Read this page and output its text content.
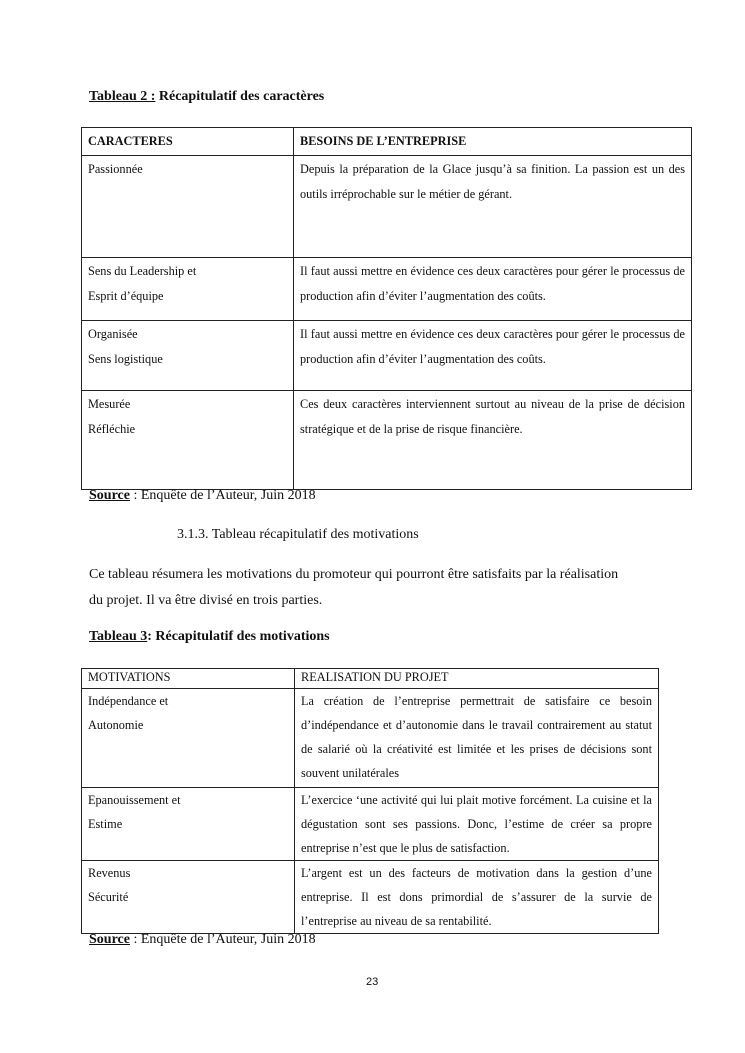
Tableau 2 : Récapitulatif des caractères
CARACTERES	BESOINS DE L’ENTREPRISE

Passionnée	Depuis la préparation de la Glace jusqu’à sa finition. La passion est un des outils irréprochable sur le métier de gérant.

Sens du Leadership et
Esprit d’équipe	Il faut aussi mettre en évidence ces deux caractères pour gérer le processus de production afin d’éviter l’augmentation des coûts.

Organisée
Sens logistique	Il faut aussi mettre en évidence ces deux caractères pour gérer le processus de production afin d’éviter l’augmentation des coûts.

Mesurée
Réfléchie	Ces deux caractères interviennent surtout au niveau de la prise de décision stratégique et de la prise de risque financière.
Source : Enquête de l’Auteur, Juin 2018
3.1.3. Tableau récapitulatif des motivations
Ce tableau résumera les motivations du promoteur qui pourront être satisfaits par la réalisation
du projet. Il va être divisé en trois parties.
Tableau 3: Récapitulatif des motivations
MOTIVATIONS	REALISATION DU PROJET

Indépendance et
Autonomie	La création de l’entreprise permettrait de satisfaire ce besoin d’indépendance et d’autonomie dans le travail contrairement au statut de salarié où la créativité est limitée et les prises de décisions sont souvent unilatérales

Epanouissement et
Estime	L’exercice ‘une activité qui lui plait motive forcément. La cuisine et la dégustation sont ses passions. Donc, l’estime de créer sa propre entreprise n’est que le plus de satisfaction.

Revenus
Sécurité	L’argent est un des facteurs de motivation dans la gestion d’une entreprise. Il est dons primordial de s’assurer de la survie de l’entreprise au niveau de sa rentabilité.
Source : Enquête de l’Auteur, Juin 2018
23
